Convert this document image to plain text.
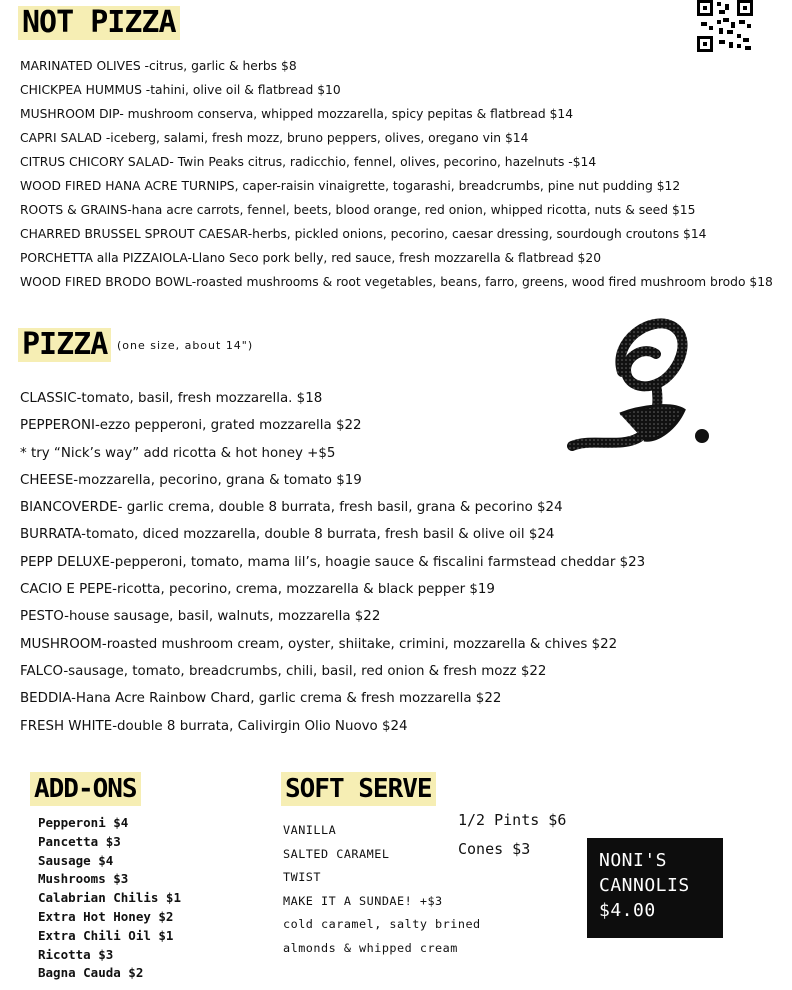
NOT PIZZA
MARINATED OLIVES -citrus, garlic & herbs $8
CHICKPEA HUMMUS -tahini, olive oil & flatbread $10
MUSHROOM DIP- mushroom conserva, whipped mozzarella, spicy pepitas & flatbread $14
CAPRI SALAD -iceberg, salami, fresh mozz, bruno peppers, olives, oregano vin $14
CITRUS CHICORY SALAD- Twin Peaks citrus, radicchio, fennel, olives, pecorino, hazelnuts -$14
WOOD FIRED HANA ACRE TURNIPS, caper-raisin vinaigrette, togarashi, breadcrumbs, pine nut pudding $12
ROOTS & GRAINS-hana acre carrots, fennel, beets, blood orange, red onion, whipped ricotta, nuts & seed $15
CHARRED BRUSSEL SPROUT CAESAR-herbs, pickled onions, pecorino, caesar dressing, sourdough croutons $14
PORCHETTA alla PIZZAIOLA-Llano Seco pork belly, red sauce, fresh mozzarella & flatbread $20
WOOD FIRED BRODO BOWL-roasted mushrooms & root vegetables, beans, farro, greens, wood fired mushroom brodo $18
PIZZA (one size, about 14")
CLASSIC-tomato, basil, fresh mozzarella. $18
PEPPERONI-ezzo pepperoni, grated mozzarella $22
* try “Nick’s way” add ricotta & hot honey +$5
CHEESE-mozzarella, pecorino, grana & tomato $19
BIANCOVERDE- garlic crema, double 8 burrata, fresh basil, grana & pecorino $24
BURRATA-tomato, diced mozzarella, double 8 burrata, fresh basil & olive oil $24
PEPP DELUXE-pepperoni, tomato, mama lil’s, hoagie sauce & fiscalini farmstead cheddar $23
CACIO E PEPE-ricotta, pecorino, crema, mozzarella & black pepper $19
PESTO-house sausage, basil, walnuts, mozzarella $22
MUSHROOM-roasted mushroom cream, oyster, shiitake, crimini, mozzarella & chives $22
FALCO-sausage, tomato, breadcrumbs, chili, basil, red onion & fresh mozz $22
BEDDIA-Hana Acre Rainbow Chard, garlic crema & fresh mozzarella $22
FRESH WHITE-double 8 burrata, Calivirgin Olio Nuovo $24
ADD-ONS
Pepperoni $4
Pancetta $3
Sausage $4
Mushrooms $3
Calabrian Chilis $1
Extra Hot Honey $2
Extra Chili Oil $1
Ricotta $3
Bagna Cauda $2
SOFT SERVE
VANILLA
SALTED CARAMEL
TWIST
MAKE IT A SUNDAE! +$3
cold caramel, salty brined
almonds & whipped cream
1/2 Pints $6
Cones $3
NONI'S
CANNOLIS
$4.00
